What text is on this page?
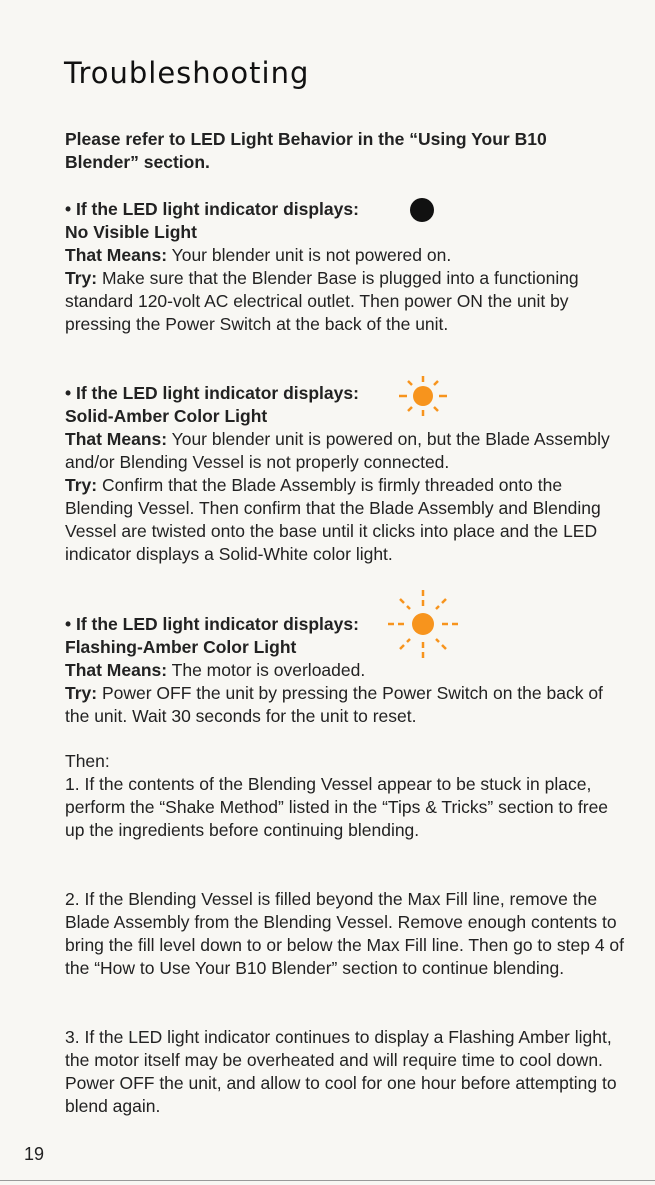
Troubleshooting
Please refer to LED Light Behavior in the “Using Your B10 Blender” section.
• If the LED light indicator displays:
No Visible Light
That Means: Your blender unit is not powered on.
Try: Make sure that the Blender Base is plugged into a functioning standard 120-volt AC electrical outlet. Then power ON the unit by pressing the Power Switch at the back of the unit.
• If the LED light indicator displays:
Solid-Amber Color Light
That Means: Your blender unit is powered on, but the Blade Assembly and/or Blending Vessel is not properly connected.
Try: Confirm that the Blade Assembly is firmly threaded onto the Blending Vessel. Then confirm that the Blade Assembly and Blending Vessel are twisted onto the base until it clicks into place and the LED indicator displays a Solid-White color light.
• If the LED light indicator displays:
Flashing-Amber Color Light
That Means: The motor is overloaded.
Try: Power OFF the unit by pressing the Power Switch on the back of the unit. Wait 30 seconds for the unit to reset.
Then:
1. If the contents of the Blending Vessel appear to be stuck in place, perform the “Shake Method” listed in the “Tips & Tricks” section to free up the ingredients before continuing blending.
2. If the Blending Vessel is filled beyond the Max Fill line, remove the Blade Assembly from the Blending Vessel. Remove enough contents to bring the fill level down to or below the Max Fill line. Then go to step 4 of the “How to Use Your B10 Blender” section to continue blending.
3. If the LED light indicator continues to display a Flashing Amber light, the motor itself may be overheated and will require time to cool down. Power OFF the unit, and allow to cool for one hour before attempting to blend again.
19
